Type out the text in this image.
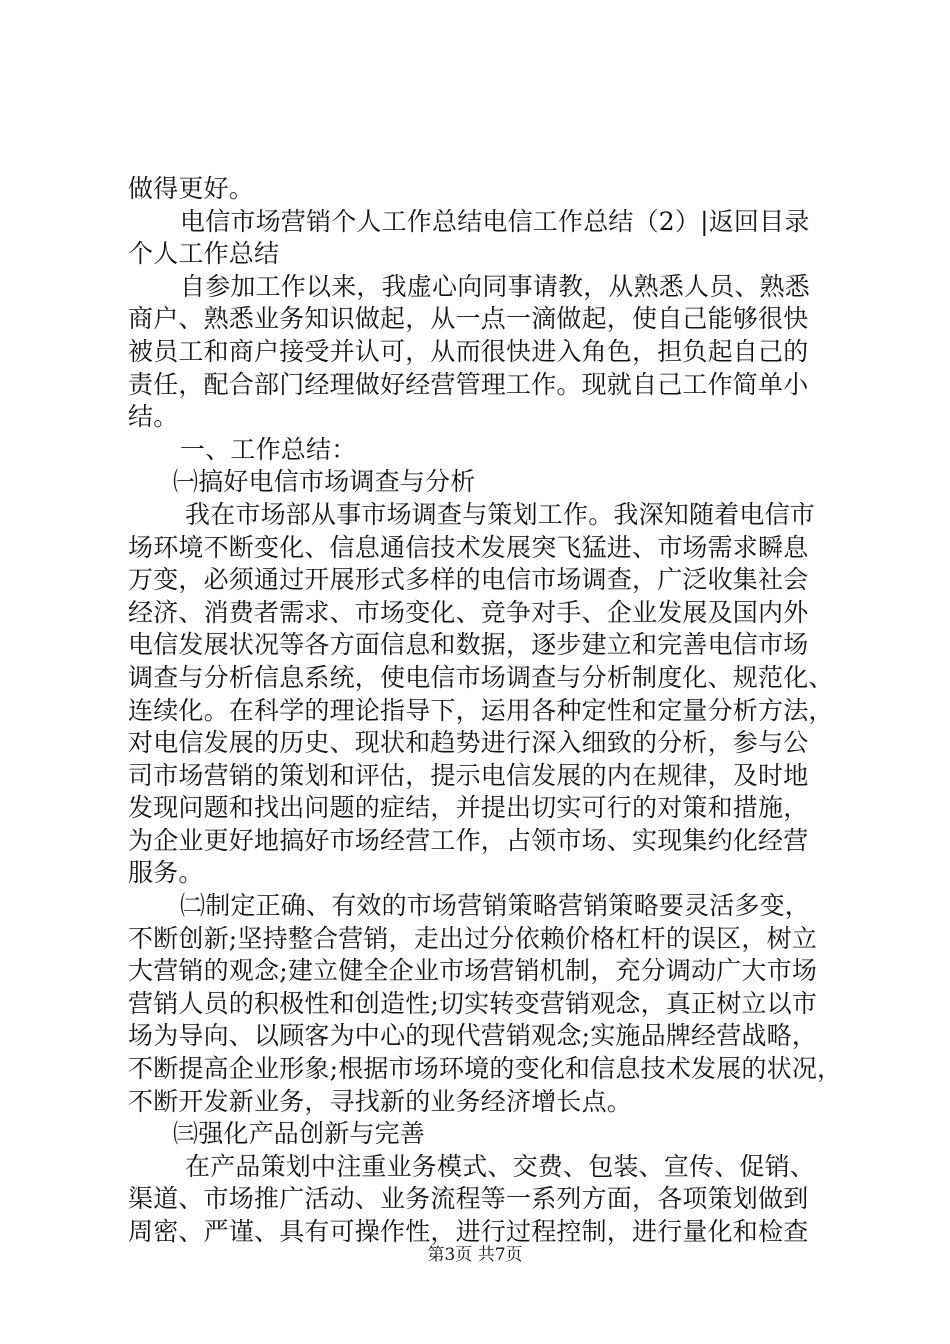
做得更好。
电信市场营销个人工作总结电信工作总结（2）|返回目录
个人工作总结
自参加工作以来，我虚心向同事请教，从熟悉人员、熟悉
商户、熟悉业务知识做起，从一点一滴做起，使自己能够很快
被员工和商户接受并认可，从而很快进入角色，担负起自己的
责任，配合部门经理做好经营管理工作。现就自己工作简单小
结。
一、工作总结：
㈠搞好电信市场调查与分析
我在市场部从事市场调查与策划工作。我深知随着电信市
场环境不断变化、信息通信技术发展突飞猛进、市场需求瞬息
万变，必须通过开展形式多样的电信市场调查，广泛收集社会
经济、消费者需求、市场变化、竞争对手、企业发展及国内外
电信发展状况等各方面信息和数据，逐步建立和完善电信市场
调查与分析信息系统，使电信市场调查与分析制度化、规范化、
连续化。在科学的理论指导下，运用各种定性和定量分析方法，
对电信发展的历史、现状和趋势进行深入细致的分析，参与公
司市场营销的策划和评估，提示电信发展的内在规律，及时地
发现问题和找出问题的症结，并提出切实可行的对策和措施，
为企业更好地搞好市场经营工作，占领市场、实现集约化经营
服务。
㈡制定正确、有效的市场营销策略营销策略要灵活多变，
不断创新;坚持整合营销，走出过分依赖价格杠杆的误区，树立
大营销的观念;建立健全企业市场营销机制，充分调动广大市场
营销人员的积极性和创造性;切实转变营销观念，真正树立以市
场为导向、以顾客为中心的现代营销观念;实施品牌经营战略，
不断提高企业形象;根据市场环境的变化和信息技术发展的状况，
不断开发新业务，寻找新的业务经济增长点。
㈢强化产品创新与完善
在产品策划中注重业务模式、交费、包装、宣传、促销、
渠道、市场推广活动、业务流程等一系列方面，各项策划做到
周密、严谨、具有可操作性，进行过程控制，进行量化和检查
第3页 共7页
